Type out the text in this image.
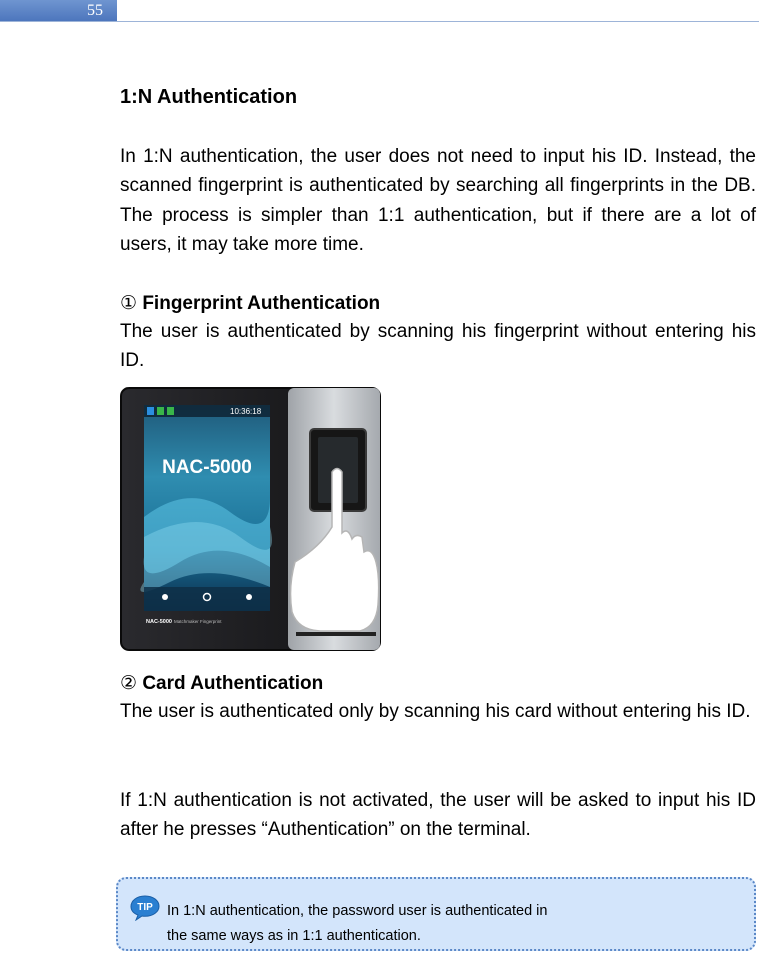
55
1:N Authentication

In 1:N authentication, the user does not need to input his ID. Instead, the scanned fingerprint is authenticated by searching all fingerprints in the DB. The process is simpler than 1:1 authentication, but if there are a lot of users, it may take more time.

① Fingerprint Authentication

The user is authenticated by scanning his fingerprint without entering his ID.

10:36:18
NAC-5000
NAC-5000 Matchmaker Fingerprint

② Card Authentication

The user is authenticated only by scanning his card without entering his ID.

If 1:N authentication is not activated, the user will be asked to input his ID after he presses “Authentication” on the terminal.

TIP In 1:N authentication, the password user is authenticated in
the same ways as in 1:1 authentication.
